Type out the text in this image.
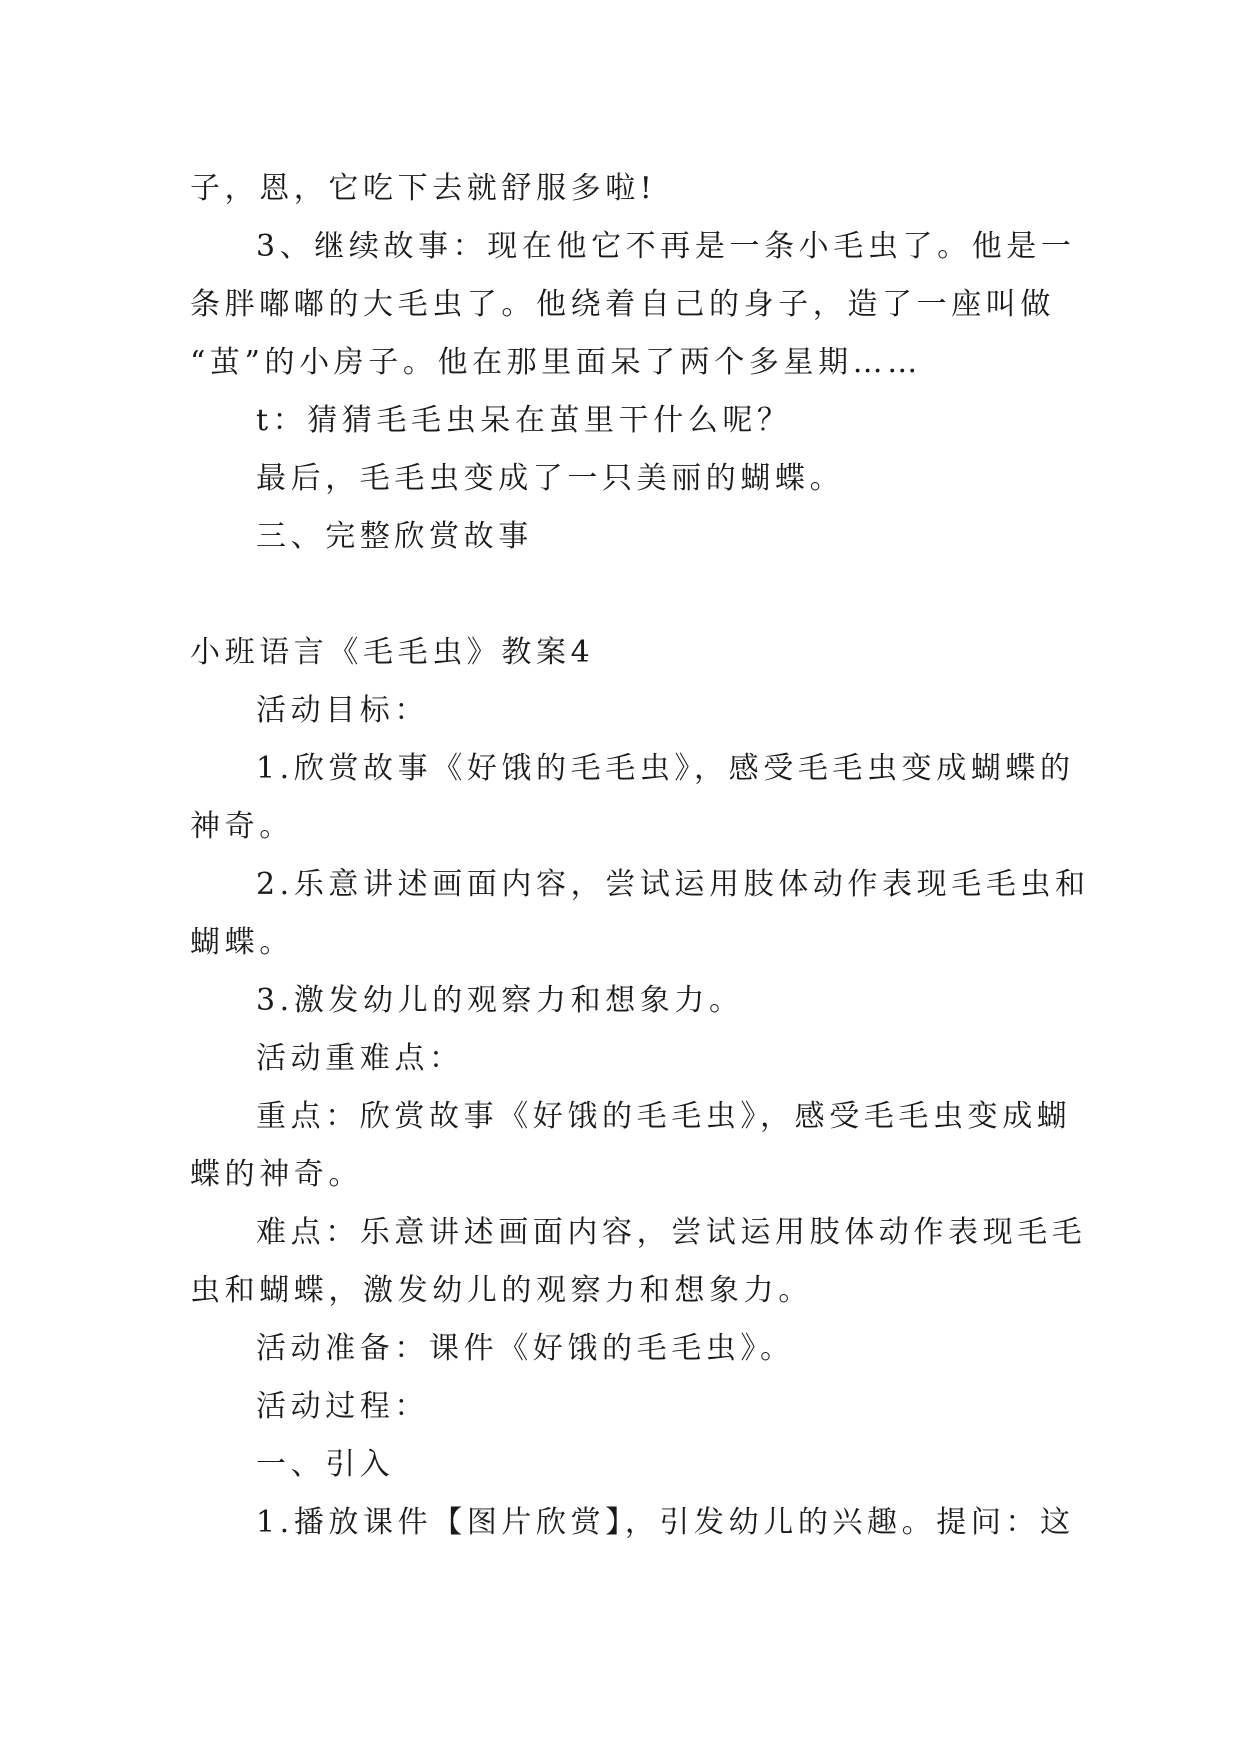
子，恩，它吃下去就舒服多啦!
3、继续故事：现在他它不再是一条小毛虫了。他是一
条胖嘟嘟的大毛虫了。他绕着自己的身子，造了一座叫做
“茧”的小房子。他在那里面呆了两个多星期……
t：猜猜毛毛虫呆在茧里干什么呢？
最后，毛毛虫变成了一只美丽的蝴蝶。
三、完整欣赏故事
小班语言《毛毛虫》教案4
活动目标：
1.欣赏故事《好饿的毛毛虫》，感受毛毛虫变成蝴蝶的
神奇。
2.乐意讲述画面内容，尝试运用肢体动作表现毛毛虫和
蝴蝶。
3.激发幼儿的观察力和想象力。
活动重难点：
重点：欣赏故事《好饿的毛毛虫》，感受毛毛虫变成蝴
蝶的神奇。
难点：乐意讲述画面内容，尝试运用肢体动作表现毛毛
虫和蝴蝶，激发幼儿的观察力和想象力。
活动准备：课件《好饿的毛毛虫》。
活动过程：
一、引入
1.播放课件【图片欣赏】，引发幼儿的兴趣。提问：这
